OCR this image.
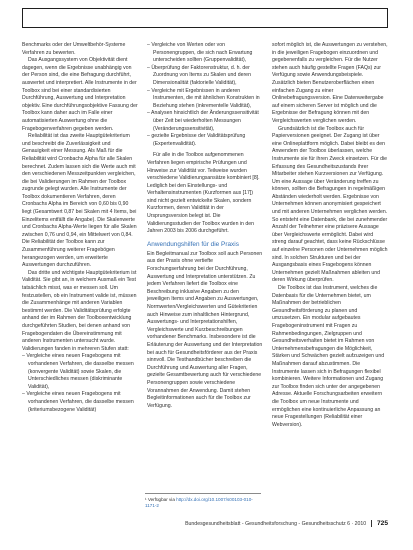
Benchmarks oder der Umweltbehör-Systeme Verfahren zu bewerten.

Das Ausgangssystem von Objektivität dient dagegen, wenn die Ergebnisse unabhängig von der Person sind, die eine Befragung durchführt, auswertet und interpretiert. Alle Instrumente in der Toolbox sind bei einer standardisierten Durchführung, Auswertung und Interpretation objektiv. Eine durchführungsobjektive Fassung der Toolbox kann daher auch im Falle einer automatisierten Auswertung ohne die Fragebogenverfahren gegeben werden.

Reliabilität ist das zweite Hauptgütekriterium und beschreibt die Zuverlässigkeit und Genauigkeit einer Messung. Als Maß für die Reliabilität wird Cronbachs Alpha für alle Skalen berechnet. Zudem lassen sich die Werte auch mit den verschiedenen Messzeitpunkten vergleichen, die bei Validierungen im Rahmen der Toolbox zugrunde gelegt wurden. Alle Instrumente der Toolbox dokumentieren Verfahren, deren Cronbachs Alpha im Bereich von 0,60 bis 0,90 liegt (Gesamtwert 0,87 bei Skalen mit 4 Items, bei Einzelitems entfällt die Angabe). Die Skalenwerte und Cronbachs Alpha-Werte liegen für alle Skalen zwischen 0,76 und 0,94, ein Mittelwert von 0,84. Die Reliabilität der Toolbox kann zur Zusammenführung weiterer Fragebögen herangezogen werden, um erweiterte Auswertungen durchzuführen.

Das dritte und wichtigste Hauptgütekriterium ist Validität. Sie gibt an, in welchem Ausmaß ein Test tatsächlich misst, was er messen soll. Um festzustellen, ob ein Instrument valide ist, müssen die Zusammenhänge mit anderen Variablen bestimmt werden. Die Validitätsprüfung erfolgte anhand der im Rahmen der Toolboxentwicklung durchgeführten Studien, bei denen anhand von Fragebogendaten die Übereinstimmung mit anderen Instrumenten untersucht wurde. Validierungen fanden in mehreren Stufen statt:

– Vergleiche eines neuen Fragebogens mit vorhandenen Verfahren, die dasselbe messen (konvergente Validität) sowie Skalen, die Unterschiedliches messen (diskriminante Validität),
– Vergleiche eines neuen Fragebogens mit vorhandenen Verfahren, die dasselbe messen (kriteriumsbezogene Validität)
– Vergleiche von Werten oder von Personengruppen, die sich nach Erwartung unterscheiden sollten (Gruppenvalidität),
– Überprüfung der Faktorenstruktur, d. h. der Zuordnung von Items zu Skalen und deren Dimensionalität (faktorielle Validität),
– Vergleiche mit Ergebnissen in anderen Instrumenten, die mit ähnlichen Konstrukten in Beziehung stehen (inkrementelle Validität),
– Analysen hinsichtlich der Änderungssensitivität über Zeit bei wiederholten Messungen (Veränderungssensitivität),
– gezielte Ergebnisse der Validitätsprüfung (Expertenvalidität).

Für alle in die Toolbox aufgenommenen Verfahren liegen empirische Prüfungen und Hinweise zur Validität vor. Teilweise wurden verschiedene Validierungsansätze kombiniert [8]. Lediglich bei den Einstellungs- und Verhaltensinstrumenten (Kurzformen aus [17]) sind nicht gezielt entwickelte Skalen, sondern Kurzformen, deren Validität in der Ursprungsversion belegt ist. Die Validierungsstudien der Toolbox wurden in den Jahren 2003 bis 2006 durchgeführt.

Anwendungshilfen für die Praxis

Ein Begleitmanual zur Toolbox soll auch Personen aus der Praxis ohne vertiefte Forschungserfahrung bei der Durchführung, Auswertung und Interpretation unterstützen. Zu jedem Verfahren liefert die Toolbox eine Beschreibung inklusive Angaben zu den jeweiligen Items und Angaben zu Auswertungen, Normwerten/Vergleichswerten und Gütekriterien auch Hinweise zum inhaltlichen Hintergrund, Auswertungs- und Interpretationshilfen, Vergleichswerte und Kurzbeschreibungen vorhandener Benchmarks. Insbesondere ist die Erläuterung der Auswertung und der Interpretation bei auch für Gesundheitsförderer aus der Praxis sinnvoll. Die Testhandbücher beschreiben die Durchführung und Auswertung aller Fragen, gezielte Gesamtbewertung auch für verschiedene Personengruppen sowie verschiedene Vorannahmen der Anwendung. Damit stehen Begleitinformationen auch für die Toolbox zur Verfügung.

sofort möglich ist, die Auswertungen zu verstehen, in die jeweiligen Fragebogen einzuordnen und gegebenenfalls zu vergleichen. Für die Nutzer stehen auch häufig gestellte Fragen (FAQs) zur Verfügung sowie Anwendungsbeispiele. Zusätzlich bieten Benutzeroberflächen einen einfachen Zugang zu einer Onlinebefragungsversion. Eine Datenweitergabe auf einem sicheren Server ist möglich und die Ergebnisse der Befragung können mit den Vergleichswerten verglichen werden.

Grundsätzlich ist die Toolbox auch für Papierversionen geeignet. Der Zugang ist über eine Onlineplattform möglich. Dabei bleibt es den Anwendern der Toolbox überlassen, welche Instrumente sie für ihren Zweck einsetzen. Für die Erfassung des Gesundheitszustands ihrer Mitarbeiter stehen Kurzversionen zur Verfügung. Um eine Aussage über Veränderung treffen zu können, sollten die Befragungen in regelmäßigen Abständen wiederholt werden. Ergebnisse von Unternehmen können anonymisiert gespeichert und mit anderen Unternehmen verglichen werden. So entsteht eine Datenbank, die bei zunehmender Anzahl der Teilnehmer eine präzisere Aussage über Vergleichswerte ermöglicht. Dabei wird streng darauf geachtet, dass keine Rückschlüsse auf einzelne Personen oder Unternehmen möglich sind. In solchen Strukturen und bei der Ausgangsbasis eines Fragebogens können Unternehmen gezielt Maßnahmen ableiten und deren Wirkung überprüfen.

Die Toolbox ist das Instrument, welches die Datenbasis für die Unternehmen bietet, um Maßnahmen der betrieblichen Gesundheitsförderung zu planen und umzusetzen. Ein modular aufgebautes Fragebogeninstrument mit Fragen zu Rahmenbedingungen, Zielgruppen und Gesundheitsverhalten bietet im Rahmen von Unternehmensbefragungen die Möglichkeit, Stärken und Schwächen gezielt aufzuzeigen und Maßnahmen darauf abzustimmen. Die Instrumente lassen sich in Befragungen flexibel kombinieren. Weitere Informationen und Zugang zur Toolbox finden sich unter der angegebenen Adresse. Aktuelle Forschungsarbeiten erweitern die Toolbox um neue Instrumente und ermöglichen eine kontinuierliche Anpassung an neue Fragestellungen (Reliabilität einer Webversion).

¹ Verfügbar via http://dx.doi.org/10.1007/s00103-010-1171-2
Bundesgesundheitsblatt - Gesundheitsforschung - Gesundheitsschutz 6 · 2010 725
